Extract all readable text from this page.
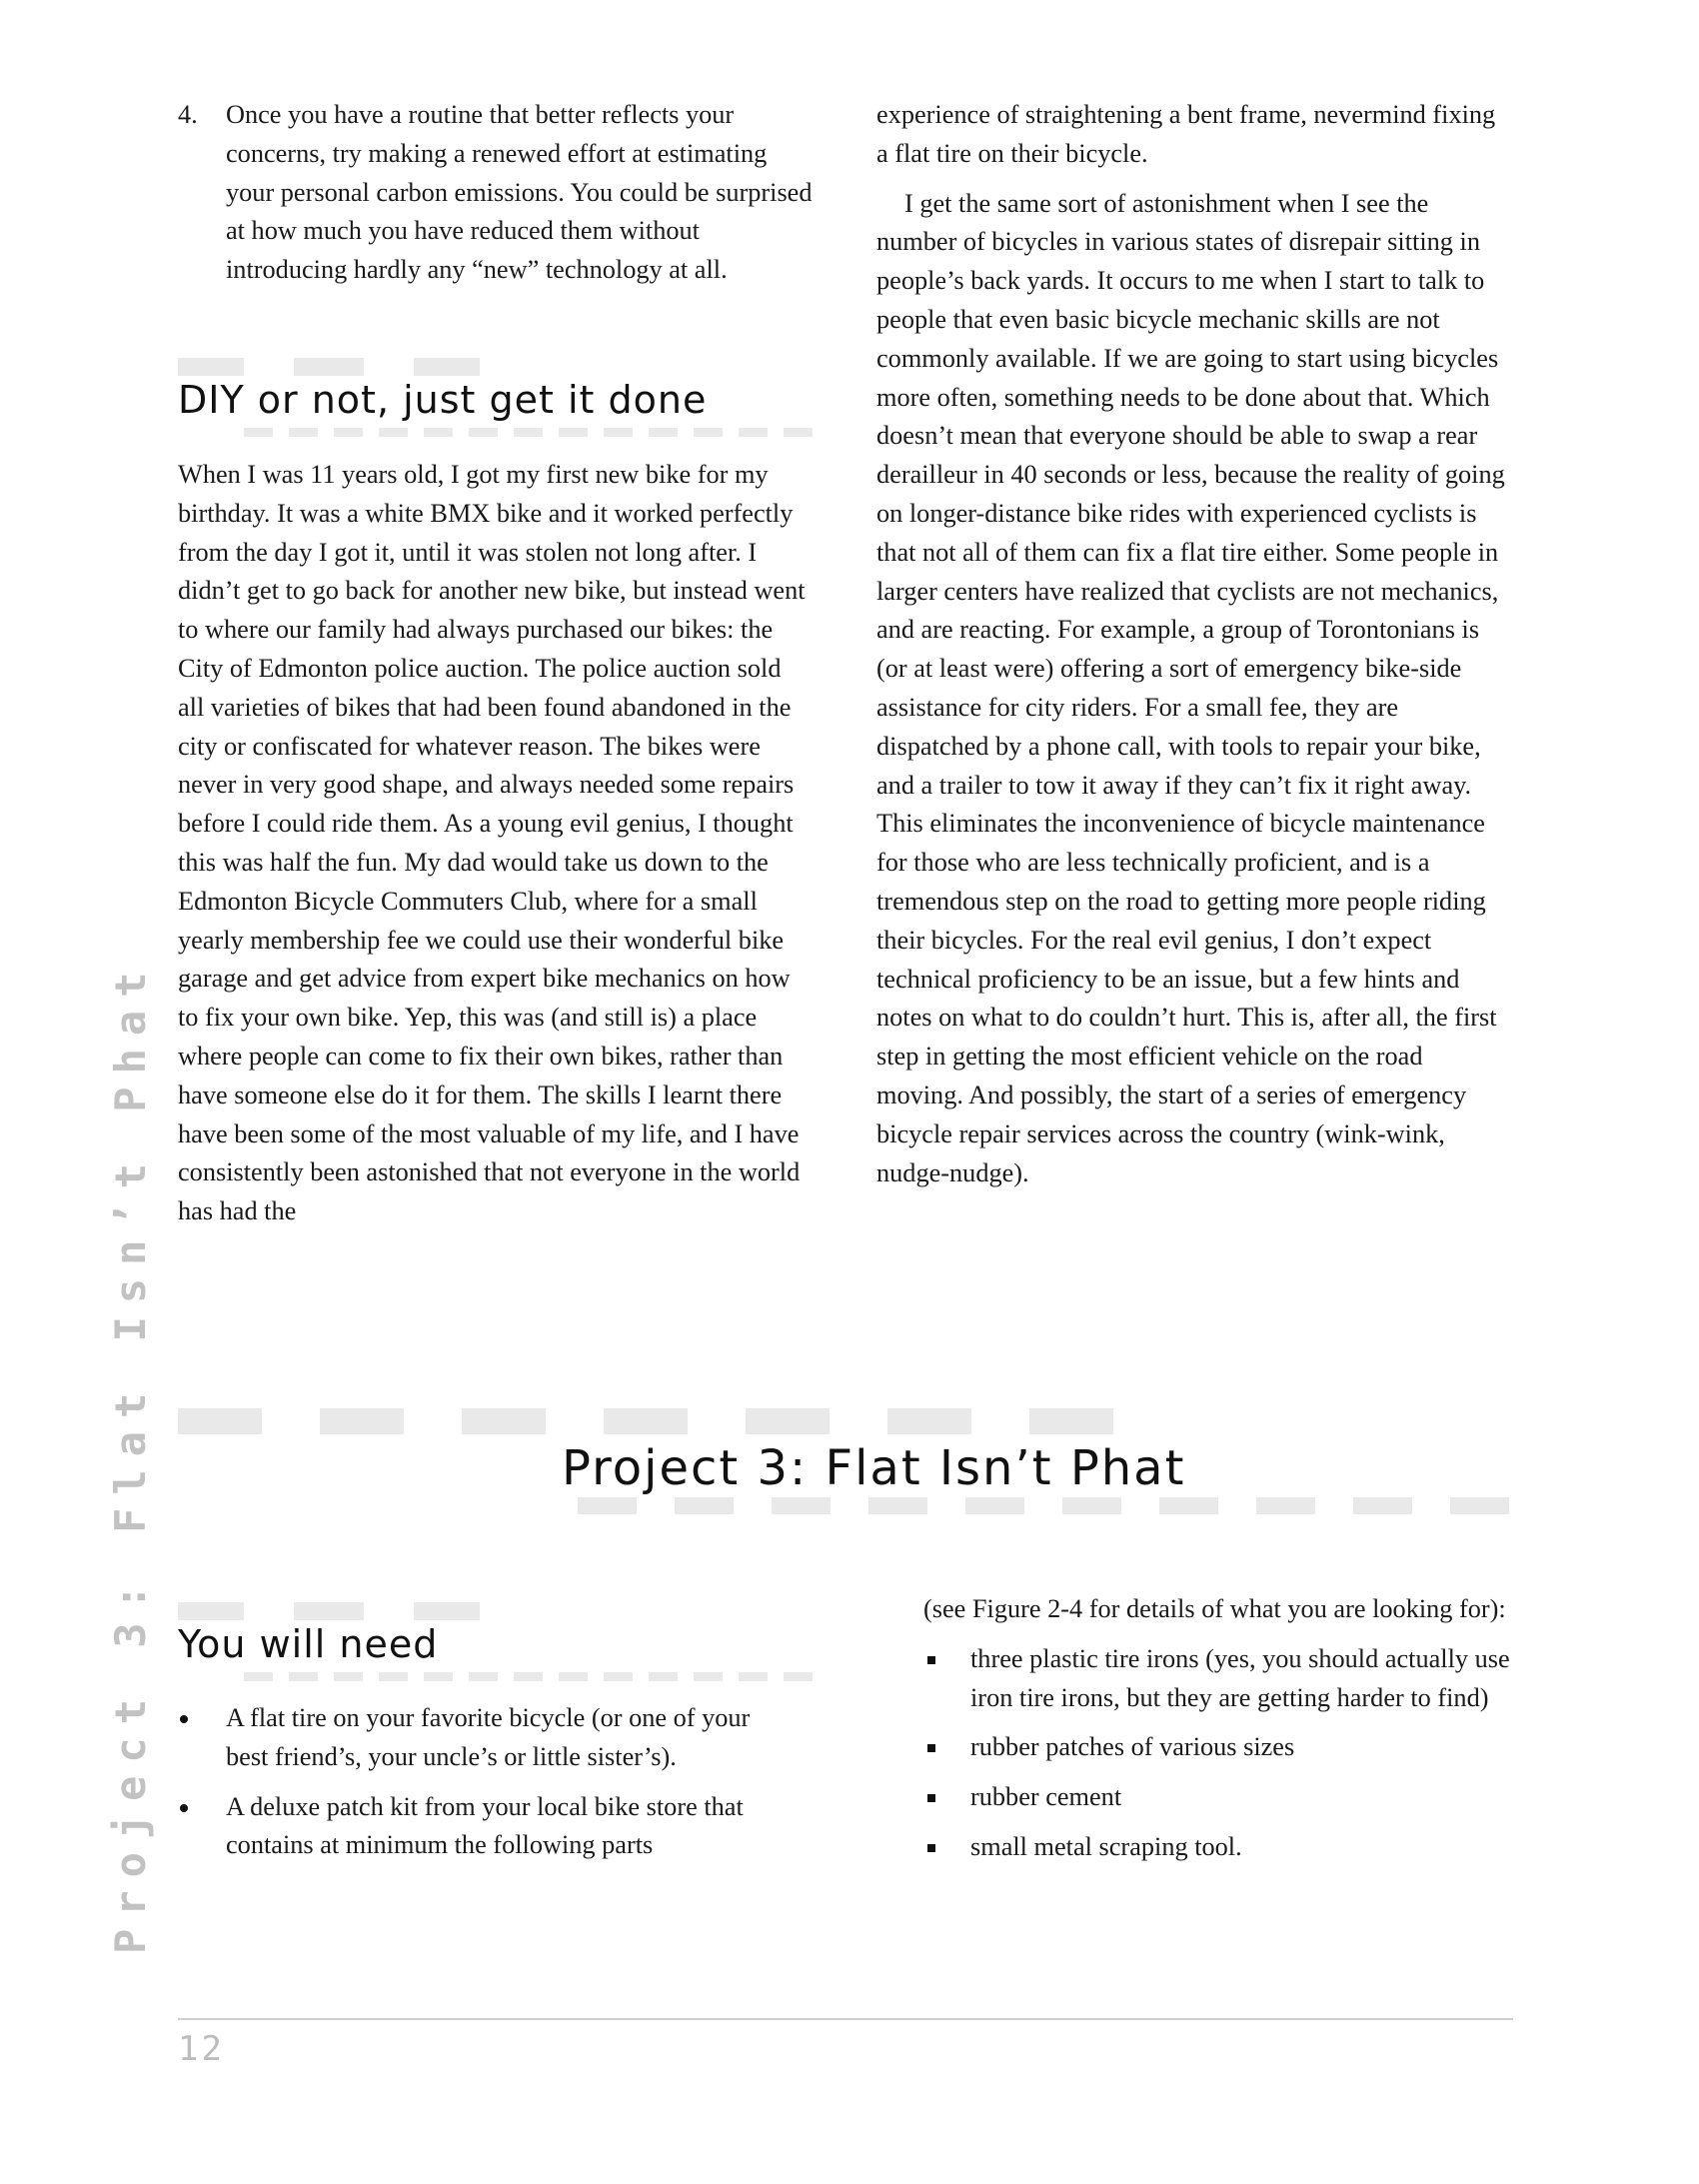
Project 3: Flat Isn’t Phat
4. Once you have a routine that better reflects your concerns, try making a renewed effort at estimating your personal carbon emissions. You could be surprised at how much you have reduced them without introducing hardly any “new” technology at all.

DIY or not, just get it done

When I was 11 years old, I got my first new bike for my birthday. It was a white BMX bike and it worked perfectly from the day I got it, until it was stolen not long after. I didn’t get to go back for another new bike, but instead went to where our family had always purchased our bikes: the City of Edmonton police auction. The police auction sold all varieties of bikes that had been found abandoned in the city or confiscated for whatever reason. The bikes were never in very good shape, and always needed some repairs before I could ride them. As a young evil genius, I thought this was half the fun. My dad would take us down to the Edmonton Bicycle Commuters Club, where for a small yearly membership fee we could use their wonderful bike garage and get advice from expert bike mechanics on how to fix your own bike. Yep, this was (and still is) a place where people can come to fix their own bikes, rather than have someone else do it for them. The skills I learnt there have been some of the most valuable of my life, and I have consistently been astonished that not everyone in the world has had the

experience of straightening a bent frame, nevermind fixing a flat tire on their bicycle.

I get the same sort of astonishment when I see the number of bicycles in various states of disrepair sitting in people’s back yards. It occurs to me when I start to talk to people that even basic bicycle mechanic skills are not commonly available. If we are going to start using bicycles more often, something needs to be done about that. Which doesn’t mean that everyone should be able to swap a rear derailleur in 40 seconds or less, because the reality of going on longer-distance bike rides with experienced cyclists is that not all of them can fix a flat tire either. Some people in larger centers have realized that cyclists are not mechanics, and are reacting. For example, a group of Torontonians is (or at least were) offering a sort of emergency bike-side assistance for city riders. For a small fee, they are dispatched by a phone call, with tools to repair your bike, and a trailer to tow it away if they can’t fix it right away. This eliminates the inconvenience of bicycle maintenance for those who are less technically proficient, and is a tremendous step on the road to getting more people riding their bicycles. For the real evil genius, I don’t expect technical proficiency to be an issue, but a few hints and notes on what to do couldn’t hurt. This is, after all, the first step in getting the most efficient vehicle on the road moving. And possibly, the start of a series of emergency bicycle repair services across the country (wink-wink, nudge-nudge).

Project 3: Flat Isn’t Phat
You will need
A flat tire on your favorite bicycle (or one of your best friend’s, your uncle’s or little sister’s).
A deluxe patch kit from your local bike store that contains at minimum the following parts

(see Figure 2-4 for details of what you are looking for):

three plastic tire irons (yes, you should actually use iron tire irons, but they are getting harder to find)
rubber patches of various sizes
rubber cement
small metal scraping tool.
12
